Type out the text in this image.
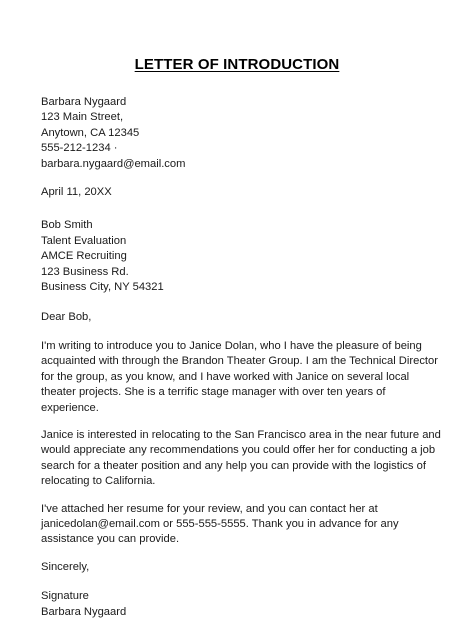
LETTER OF INTRODUCTION
Barbara Nygaard
123 Main Street,
Anytown, CA 12345
555-212-1234 ·
barbara.nygaard@email.com
April 11, 20XX
Bob Smith
Talent Evaluation
AMCE Recruiting
123 Business Rd.
Business City, NY 54321
Dear Bob,

I'm writing to introduce you to Janice Dolan, who I have the pleasure of being acquainted with through the Brandon Theater Group. I am the Technical Director for the group, as you know, and I have worked with Janice on several local theater projects. She is a terrific stage manager with over ten years of experience.

Janice is interested in relocating to the San Francisco area in the near future and would appreciate any recommendations you could offer her for conducting a job search for a theater position and any help you can provide with the logistics of relocating to California.

I've attached her resume for your review, and you can contact her at janicedolan@email.com or 555-555-5555. Thank you in advance for any assistance you can provide.

Sincerely,
Signature
Barbara Nygaard
